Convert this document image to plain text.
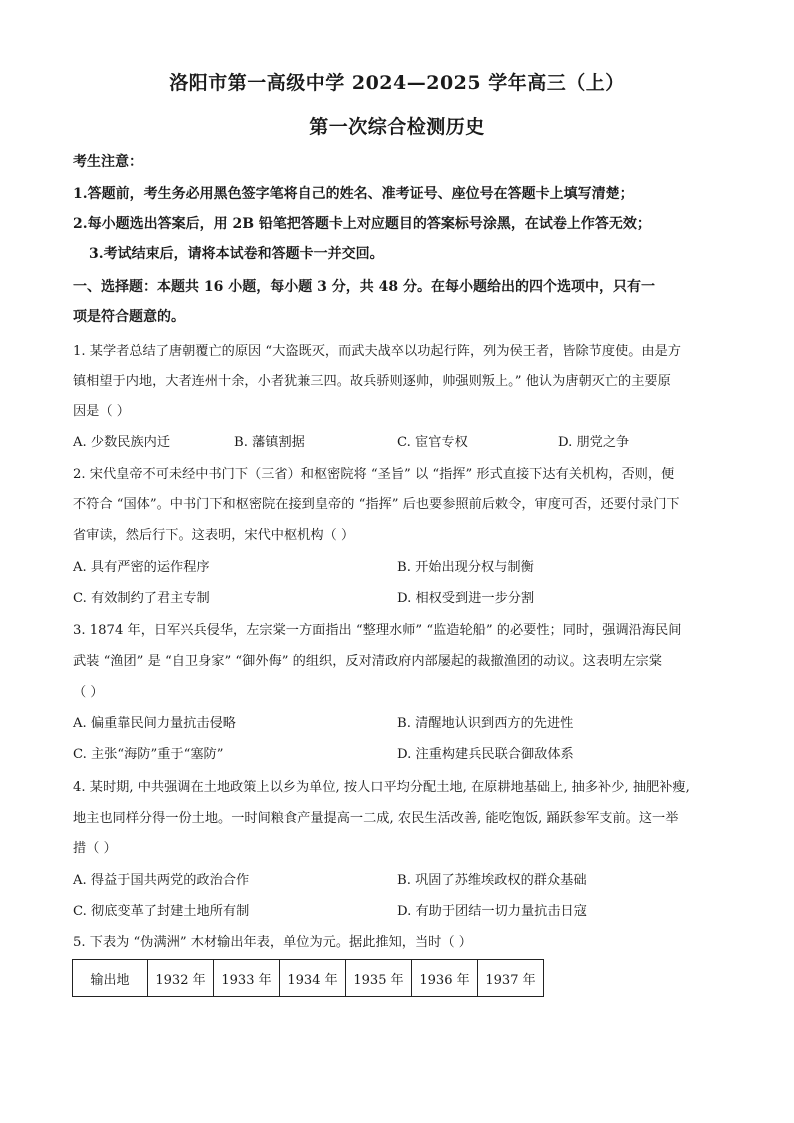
洛阳市第一高级中学 2024—2025 学年高三（上）
第一次综合检测历史
考生注意：
1.答题前，考生务必用黑色签字笔将自己的姓名、准考证号、座位号在答题卡上填写清楚；
2.每小题选出答案后，用 2B 铅笔把答题卡上对应题目的答案标号涂黑，在试卷上作答无效；
3.考试结束后，请将本试卷和答题卡一并交回。
一、选择题：本题共 16 小题，每小题 3 分，共 48 分。在每小题给出的四个选项中，只有一
项是符合题意的。
1. 某学者总结了唐朝覆亡的原因 “大盗既灭，而武夫战卒以功起行阵，列为侯王者，皆除节度使。由是方
镇相望于内地，大者连州十余，小者犹兼三四。故兵骄则逐帅，帅强则叛上。” 他认为唐朝灭亡的主要原
因是（ ）
A. 少数民族内迁	B. 藩镇割据	C. 宦官专权	D. 朋党之争
2. 宋代皇帝不可未经中书门下（三省）和枢密院将 “圣旨” 以 “指挥” 形式直接下达有关机构，否则，便
不符合 “国体”。中书门下和枢密院在接到皇帝的 “指挥” 后也要参照前后敕令，审度可否，还要付录门下
省审读，然后行下。这表明，宋代中枢机构（ ）
A. 具有严密的运作程序	B. 开始出现分权与制衡
C. 有效制约了君主专制	D. 相权受到进一步分割
3. 1874 年，日军兴兵侵华，左宗棠一方面指出 “整理水师” “监造轮船” 的必要性；同时，强调沿海民间
武装 “渔团” 是 “自卫身家” “御外侮” 的组织，反对清政府内部屡起的裁撤渔团的动议。这表明左宗棠
（ ）
A. 偏重靠民间力量抗击侵略	B. 清醒地认识到西方的先进性
C. 主张“海防”重于“塞防”	D. 注重构建兵民联合御敌体系
4. 某时期, 中共强调在土地政策上以乡为单位, 按人口平均分配土地, 在原耕地基础上, 抽多补少, 抽肥补瘦,
地主也同样分得一份土地。一时间粮食产量提高一二成, 农民生活改善, 能吃饱饭, 踊跃参军支前。这一举
措（ ）
A. 得益于国共两党的政治合作	B. 巩固了苏维埃政权的群众基础
C. 彻底变革了封建土地所有制	D. 有助于团结一切力量抗击日寇
5. 下表为 “伪满洲” 木材输出年表，单位为元。据此推知，当时（ ）
输出地	1932 年	1933 年	1934 年	1935 年	1936 年	1937 年
